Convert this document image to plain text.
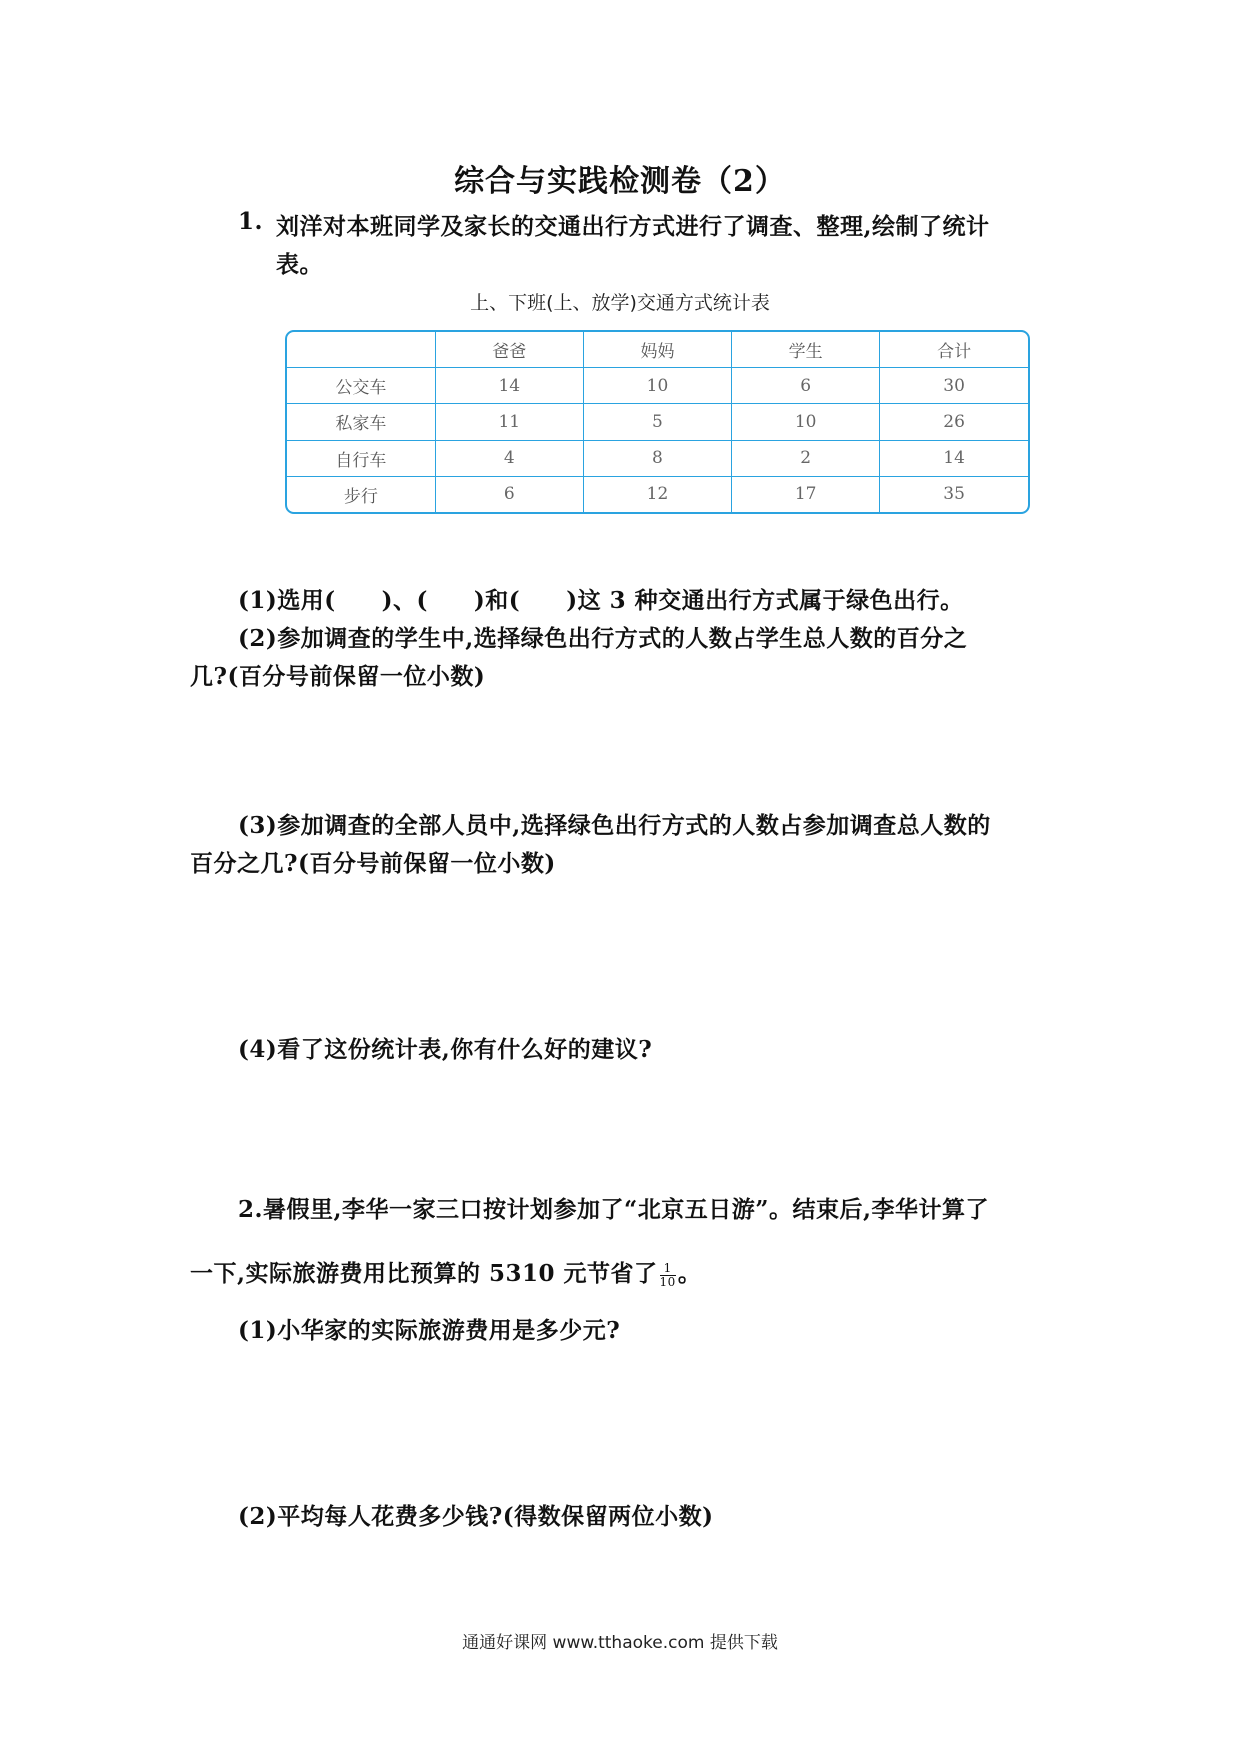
综合与实践检测卷（2）
1. 刘洋对本班同学及家长的交通出行方式进行了调查、整理,绘制了统计
表。
上、下班(上、放学)交通方式统计表
	爸爸	妈妈	学生	合计
公交车	14	10	6	30
私家车	11	5	10	26
自行车	4	8	2	14
步行	6	12	17	35
(1)选用( )、( )和( )这 3 种交通出行方式属于绿色出行。
(2)参加调查的学生中,选择绿色出行方式的人数占学生总人数的百分之
几?(百分号前保留一位小数)
(3)参加调查的全部人员中,选择绿色出行方式的人数占参加调查总人数的
百分之几?(百分号前保留一位小数)
(4)看了这份统计表,你有什么好的建议?
2.暑假里,李华一家三口按计划参加了“北京五日游”。结束后,李华计算了
一下,实际旅游费用比预算的 5310 元节省了 $\frac{1}{10}$ 。
(1)小华家的实际旅游费用是多少元?
(2)平均每人花费多少钱?(得数保留两位小数)
通通好课网 www.tthaoke.com 提供下载
